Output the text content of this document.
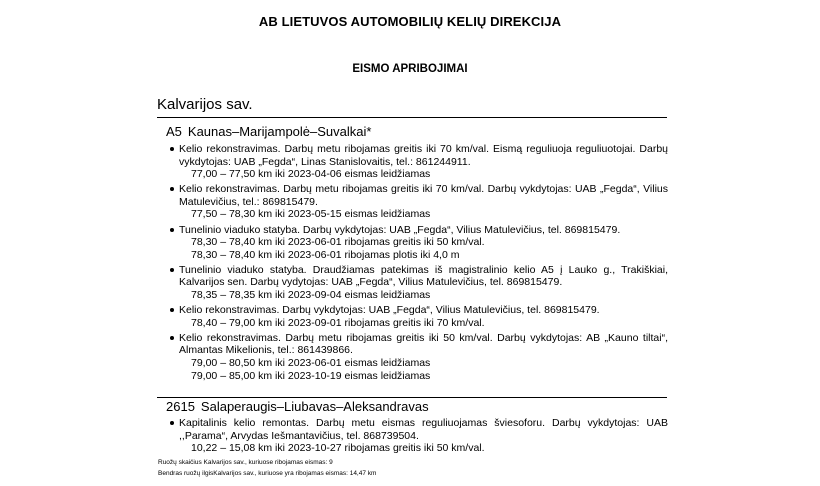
AB LIETUVOS AUTOMOBILIŲ KELIŲ DIREKCIJA
EISMO APRIBOJIMAI
Kalvarijos sav.
A5 Kaunas–Marijampolė–Suvalkai*
Kelio rekonstravimas. Darbų metu ribojamas greitis iki 70 km/val. Eismą reguliuoja reguliuotojai. Darbų vykdytojas: UAB „Fegda“, Linas Stanislovaitis, tel.: 861244911.
77,00 – 77,50 km iki 2023-04-06 eismas leidžiamas
Kelio rekonstravimas. Darbų metu ribojamas greitis iki 70 km/val. Darbų vykdytojas: UAB „Fegda“, Vilius Matulevičius, tel.: 869815479.
77,50 – 78,30 km iki 2023-05-15 eismas leidžiamas
Tunelinio viaduko statyba. Darbų vykdytojas: UAB „Fegda“, Vilius Matulevičius, tel. 869815479.
78,30 – 78,40 km iki 2023-06-01 ribojamas greitis iki 50 km/val.
78,30 – 78,40 km iki 2023-06-01 ribojamas plotis iki 4,0 m
Tunelinio viaduko statyba. Draudžiamas patekimas iš magistralinio kelio A5 į Lauko g., Trakiškiai, Kalvarijos sen. Darbų vydytojas: UAB „Fegda“, Vilius Matulevičius, tel. 869815479.
78,35 – 78,35 km iki 2023-09-04 eismas leidžiamas
Kelio rekonstravimas. Darbų vykdytojas: UAB „Fegda“, Vilius Matulevičius, tel. 869815479.
78,40 – 79,00 km iki 2023-09-01 ribojamas greitis iki 70 km/val.
Kelio rekonstravimas. Darbų metu ribojamas greitis iki 50 km/val. Darbų vykdytojas: AB „Kauno tiltai“, Almantas Mikelionis, tel.: 861439866.
79,00 – 80,50 km iki 2023-06-01 eismas leidžiamas
79,00 – 85,00 km iki 2023-10-19 eismas leidžiamas
2615 Salaperaugis–Liubavas–Aleksandravas
Kapitalinis kelio remontas. Darbų metu eismas reguliuojamas šviesoforu. Darbų vykdytojas: UAB ,,Parama“, Arvydas Iešmantavičius, tel. 868739504.
10,22 – 15,08 km iki 2023-10-27 ribojamas greitis iki 50 km/val.
Ruožų skaičius Kalvarijos sav., kuriuose ribojamas eismas: 9
Bendras ruožų ilgisKalvarijos sav., kuriuose yra ribojamas eismas: 14,47 km
